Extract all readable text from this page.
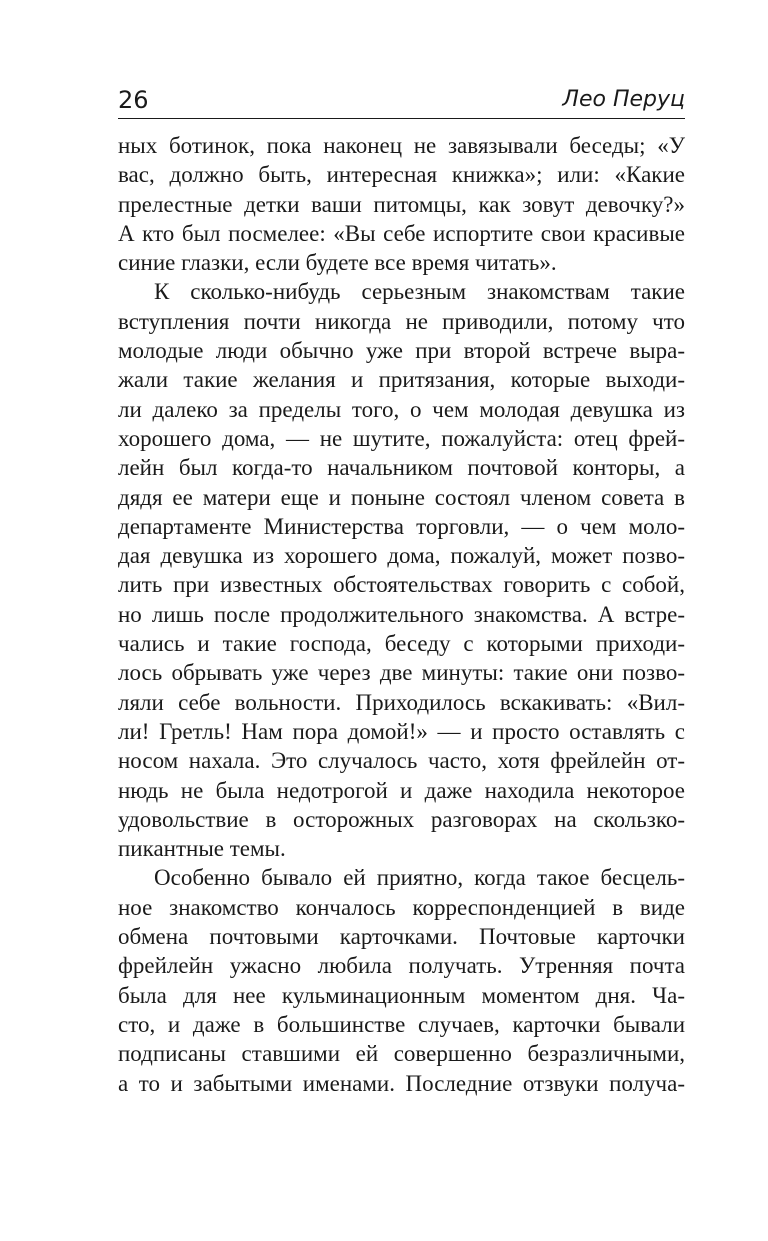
26	Лео Перуц
ных ботинок, пока наконец не завязывали беседы; «У
вас, должно быть, интересная книжка»; или: «Какие
прелестные детки ваши питомцы, как зовут девочку?»
А кто был посмелее: «Вы себе испортите свои красивые
синие глазки, если будете все время читать».
К сколько-нибудь серьезным знакомствам такие
вступления почти никогда не приводили, потому что
молодые люди обычно уже при второй встрече выра-
жали такие желания и притязания, которые выходи-
ли далеко за пределы того, о чем молодая девушка из
хорошего дома, — не шутите, пожалуйста: отец фрей-
лейн был когда-то начальником почтовой конторы, а
дядя ее матери еще и поныне состоял членом совета в
департаменте Министерства торговли, — о чем моло-
дая девушка из хорошего дома, пожалуй, может позво-
лить при известных обстоятельствах говорить с собой,
но лишь после продолжительного знакомства. А встре-
чались и такие господа, беседу с которыми приходи-
лось обрывать уже через две минуты: такие они позво-
ляли себе вольности. Приходилось вскакивать: «Вил-
ли! Гретль! Нам пора домой!» — и просто оставлять с
носом нахала. Это случалось часто, хотя фрейлейн от-
нюдь не была недотрогой и даже находила некоторое
удовольствие в осторожных разговорах на скользко-
пикантные темы.
Особенно бывало ей приятно, когда такое бесцель-
ное знакомство кончалось корреспонденцией в виде
обмена почтовыми карточками. Почтовые карточки
фрейлейн ужасно любила получать. Утренняя почта
была для нее кульминационным моментом дня. Ча-
сто, и даже в большинстве случаев, карточки бывали
подписаны ставшими ей совершенно безразличными,
а то и забытыми именами. Последние отзвуки получа-
